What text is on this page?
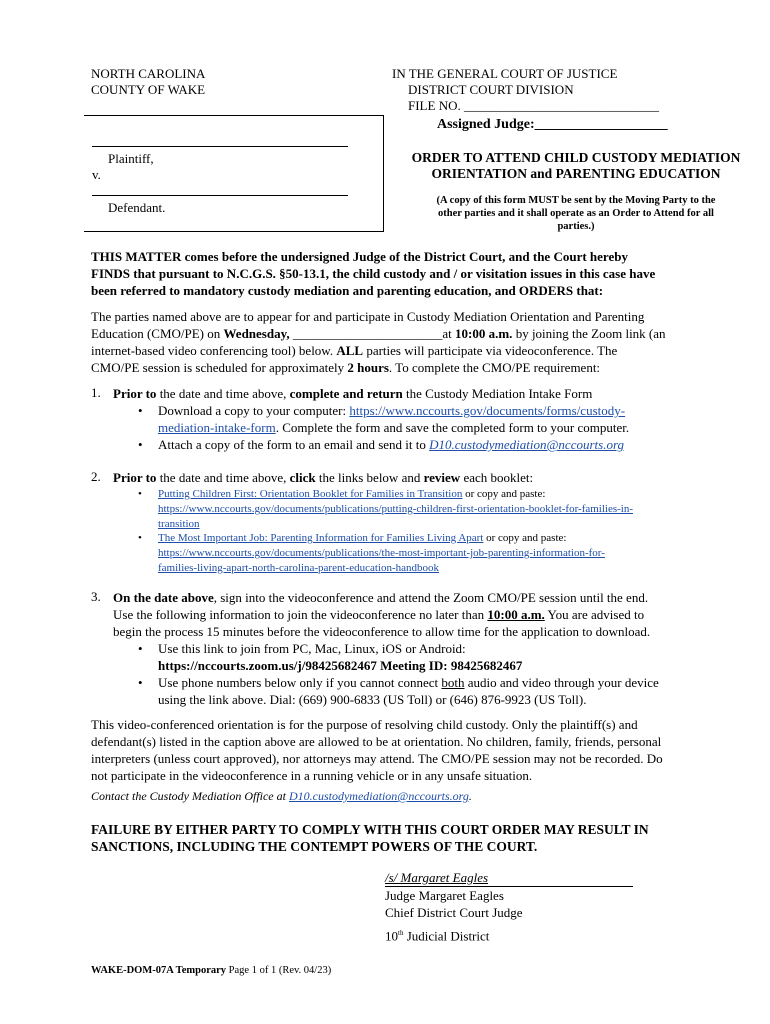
NORTH CAROLINA
COUNTY OF WAKE
IN THE GENERAL COURT OF JUSTICE
DISTRICT COURT DIVISION
FILE NO. ______________________________
Assigned Judge:___________________
Plaintiff,
v.
Defendant.
ORDER TO ATTEND CHILD CUSTODY MEDIATION
ORIENTATION and PARENTING EDUCATION
(A copy of this form MUST be sent by the Moving Party to the
other parties and it shall operate as an Order to Attend for all
parties.)
THIS MATTER comes before the undersigned Judge of the District Court, and the Court hereby
FINDS that pursuant to N.C.G.S. §50-13.1, the child custody and / or visitation issues in this case have
been referred to mandatory custody mediation and parenting education, and ORDERS that:
The parties named above are to appear for and participate in Custody Mediation Orientation and Parenting
Education (CMO/PE) on Wednesday, _______________________at 10:00 a.m. by joining the Zoom link (an
internet-based video conferencing tool) below. ALL parties will participate via videoconference. The
CMO/PE session is scheduled for approximately 2 hours. To complete the CMO/PE requirement:
1. Prior to the date and time above, complete and return the Custody Mediation Intake Form
• Download a copy to your computer: https://www.nccourts.gov/documents/forms/custody-
mediation-intake-form. Complete the form and save the completed form to your computer.
• Attach a copy of the form to an email and send it to D10.custodymediation@nccourts.org
2. Prior to the date and time above, click the links below and review each booklet:
• Putting Children First: Orientation Booklet for Families in Transition or copy and paste:
https://www.nccourts.gov/documents/publications/putting-children-first-orientation-booklet-for-families-in-
transition
• The Most Important Job: Parenting Information for Families Living Apart or copy and paste:
https://www.nccourts.gov/documents/publications/the-most-important-job-parenting-information-for-
families-living-apart-north-carolina-parent-education-handbook
3. On the date above, sign into the videoconference and attend the Zoom CMO/PE session until the end.
Use the following information to join the videoconference no later than 10:00 a.m. You are advised to
begin the process 15 minutes before the videoconference to allow time for the application to download.
• Use this link to join from PC, Mac, Linux, iOS or Android:
https://nccourts.zoom.us/j/98425682467 Meeting ID: 98425682467
• Use phone numbers below only if you cannot connect both audio and video through your device
using the link above. Dial: (669) 900-6833 (US Toll) or (646) 876-9923 (US Toll).
This video-conferenced orientation is for the purpose of resolving child custody. Only the plaintiff(s) and
defendant(s) listed in the caption above are allowed to be at orientation. No children, family, friends, personal
interpreters (unless court approved), nor attorneys may attend. The CMO/PE session may not be recorded. Do
not participate in the videoconference in a running vehicle or in any unsafe situation.
Contact the Custody Mediation Office at D10.custodymediation@nccourts.org.
FAILURE BY EITHER PARTY TO COMPLY WITH THIS COURT ORDER MAY RESULT IN
SANCTIONS, INCLUDING THE CONTEMPT POWERS OF THE COURT.
/s/ Margaret Eagles
Judge Margaret Eagles
Chief District Court Judge
10th Judicial District
WAKE-DOM-07A Temporary Page 1 of 1 (Rev. 04/23)
